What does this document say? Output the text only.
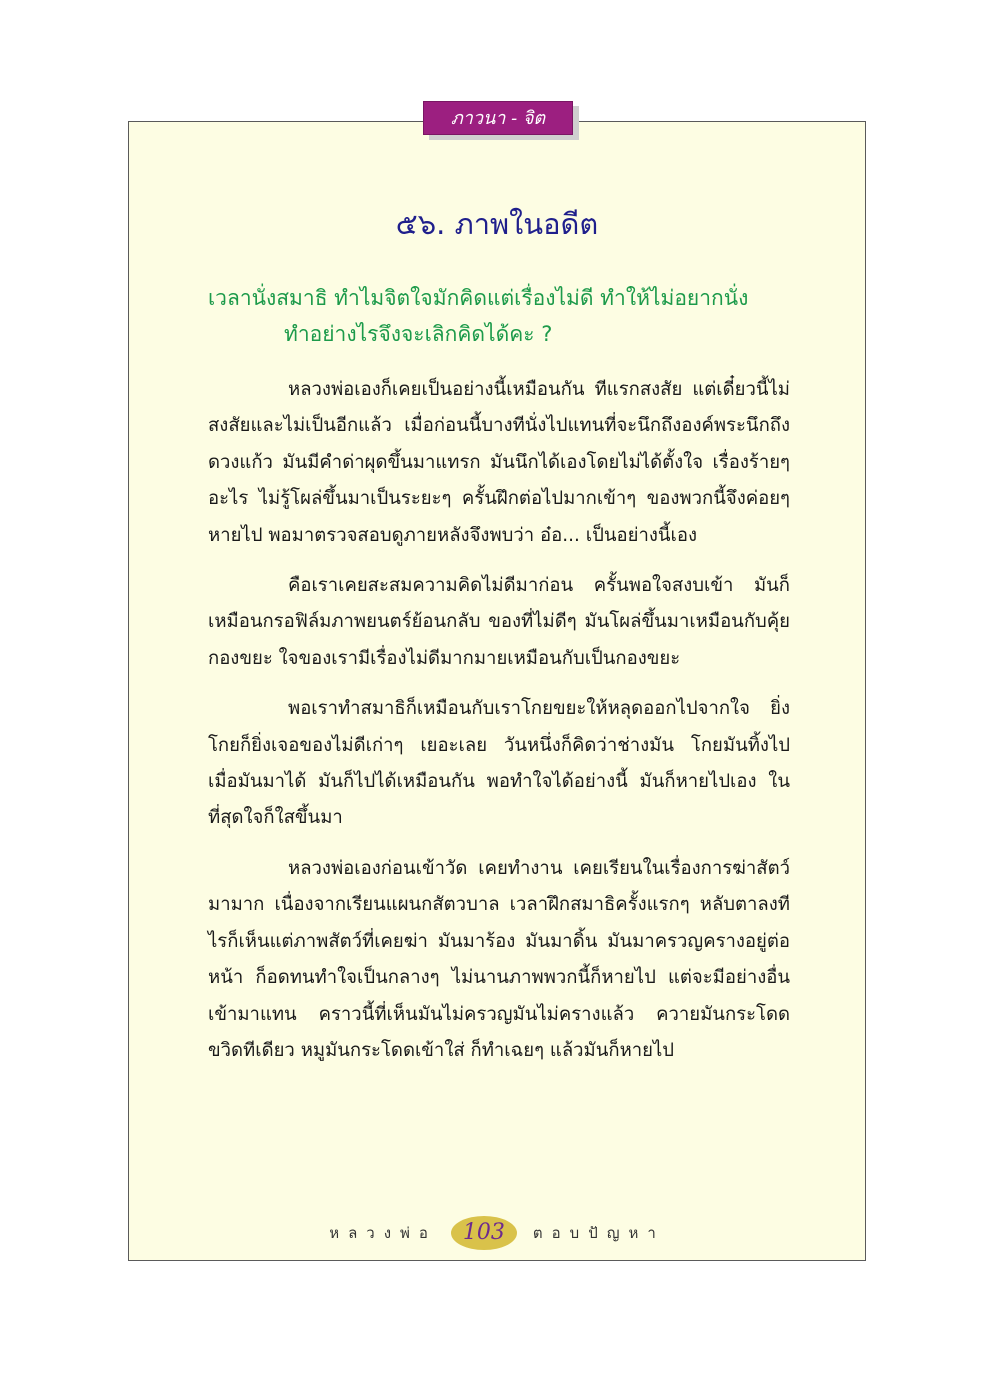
ภาวนา - จิต
๕๖. ภาพในอดีต
เวลานั่งสมาธิ ทำไมจิตใจมักคิดแต่เรื่องไม่ดี ทำให้ไม่อยากนั่ง
ทำอย่างไรจึงจะเลิกคิดได้คะ ?

หลวงพ่อเองก็เคยเป็นอย่างนี้เหมือนกัน ทีแรกสงสัย แต่เดี๋ยวนี้ไม่สงสัยและไม่เป็นอีกแล้ว เมื่อก่อนนี้บางทีนั่งไปแทนที่จะนึกถึงองค์พระนึกถึงดวงแก้ว มันมีคำด่าผุดขึ้นมาแทรก มันนึกได้เองโดยไม่ได้ตั้งใจ เรื่องร้ายๆ อะไร ไม่รู้โผล่ขึ้นมาเป็นระยะๆ ครั้นฝึกต่อไปมากเข้าๆ ของพวกนี้จึงค่อยๆ หายไป พอมาตรวจสอบดูภายหลังจึงพบว่า อ๋อ... เป็นอย่างนี้เอง

คือเราเคยสะสมความคิดไม่ดีมาก่อน ครั้นพอใจสงบเข้า มันก็เหมือนกรอฟิล์มภาพยนตร์ย้อนกลับ ของที่ไม่ดีๆ มันโผล่ขึ้นมาเหมือนกับคุ้ยกองขยะ ใจของเรามีเรื่องไม่ดีมากมายเหมือนกับเป็นกองขยะ

พอเราทำสมาธิก็เหมือนกับเราโกยขยะให้หลุดออกไปจากใจ ยิ่งโกยก็ยิ่งเจอของไม่ดีเก่าๆ เยอะเลย วันหนึ่งก็คิดว่าช่างมัน โกยมันทิ้งไป เมื่อมันมาได้ มันก็ไปได้เหมือนกัน พอทำใจได้อย่างนี้ มันก็หายไปเอง ในที่สุดใจก็ใสขึ้นมา

หลวงพ่อเองก่อนเข้าวัด เคยทำงาน เคยเรียนในเรื่องการฆ่าสัตว์มามาก เนื่องจากเรียนแผนกสัตวบาล เวลาฝึกสมาธิครั้งแรกๆ หลับตาลงทีไรก็เห็นแต่ภาพสัตว์ที่เคยฆ่า มันมาร้อง มันมาดิ้น มันมาครวญครางอยู่ต่อหน้า ก็อดทนทำใจเป็นกลางๆ ไม่นานภาพพวกนี้ก็หายไป แต่จะมีอย่างอื่นเข้ามาแทน คราวนี้ที่เห็นมันไม่ครวญมันไม่ครางแล้ว ควายมันกระโดดขวิดทีเดียว หมูมันกระโดดเข้าใส่ ก็ทำเฉยๆ แล้วมันก็หายไป

หลวงพ่อ	103	ตอบปัญหา
